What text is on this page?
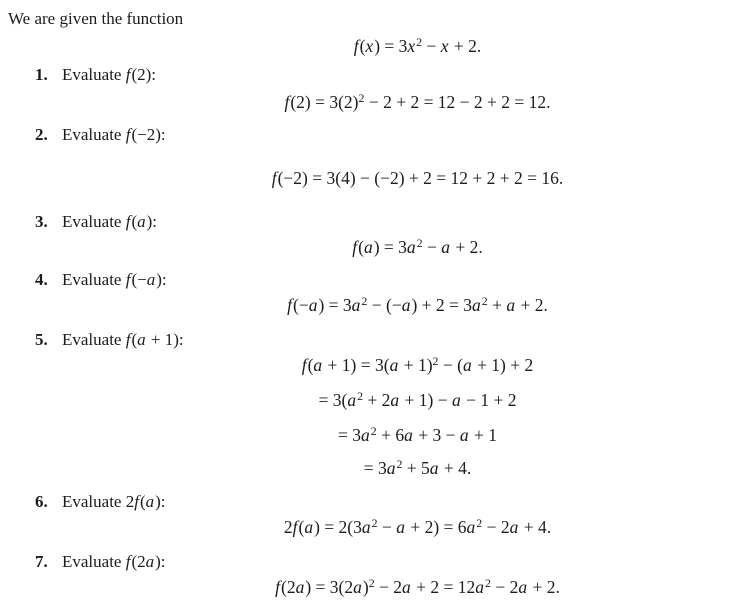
We are given the function
$f(x) = 3x^2 - x + 2$.
1. Evaluate f(2):
$f(2) = 3(2)^2 - 2 + 2 = 12 - 2 + 2 = 12$.
2. Evaluate f(−2):
f(−2) = 3(4) − (−2) + 2 = 12 + 2 + 2 = 16.
3. Evaluate f(a):
$f(a) = 3a^2 - a + 2$.
4. Evaluate f(−a):
$f(-a) = 3a^2 - (-a) + 2 = 3a^2 + a + 2$.
5. Evaluate f(a + 1):
$f(a + 1) = 3(a + 1)^2 - (a + 1) + 2$
= $3(a^2 + 2a + 1) - a - 1 + 2$
= $3a^2 + 6a + 3 - a + 1$
= $3a^2 + 5a + 4$.
6. Evaluate 2f(a):
$2f(a) = 2(3a^2 - a + 2) = 6a^2 - 2a + 4$.
7. Evaluate f(2a):
$f(2a) = 3(2a)^2 - 2a + 2 = 12a^2 - 2a + 2$.
